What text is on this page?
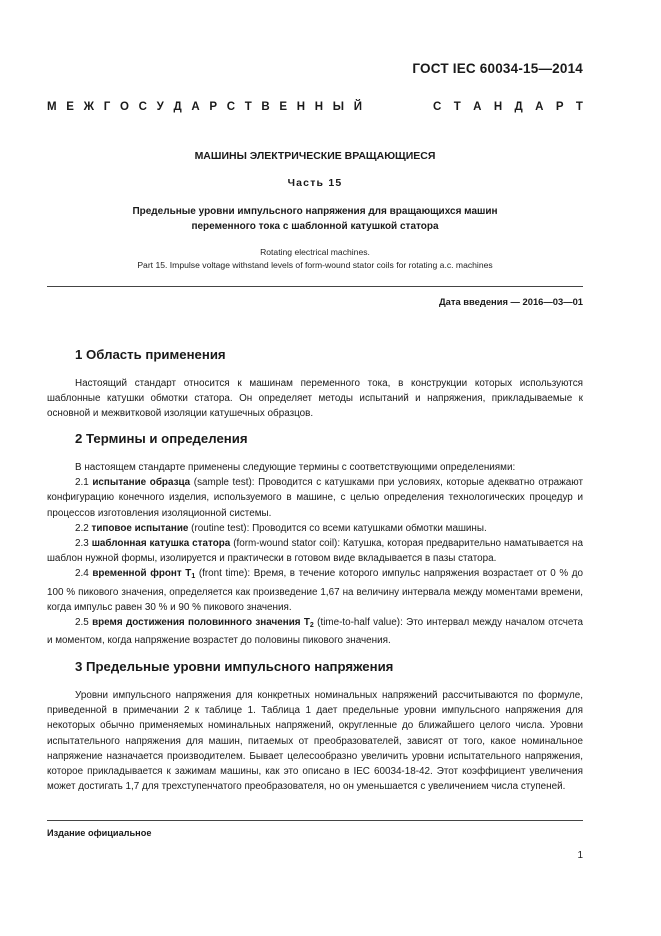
ГОСТ IEC 60034-15—2014
М Е Ж Г О С У Д А Р С Т В Е Н Н Ы Й	С Т А Н Д А Р Т
МАШИНЫ ЭЛЕКТРИЧЕСКИЕ ВРАЩАЮЩИЕСЯ
Часть 15
Предельные уровни импульсного напряжения для вращающихся машин
переменного тока с шаблонной катушкой статора
Rotating electrical machines.
Part 15. Impulse voltage withstand levels of form-wound stator coils for rotating a.c. machines
Дата введения — 2016—03—01
1 Область применения

Настоящий стандарт относится к машинам переменного тока, в конструкции которых используются шаблонные катушки обмотки статора. Он определяет методы испытаний и напряжения, прикладываемые к основной и межвитковой изоляции катушечных образцов.

2 Термины и определения

В настоящем стандарте применены следующие термины с соответствующими определениями:

2.1 испытание образца (sample test): Проводится с катушками при условиях, которые адекватно отражают конфигурацию конечного изделия, используемого в машине, с целью определения технологических процедур и процессов изготовления изоляционной системы.

2.2 типовое испытание (routine test): Проводится со всеми катушками обмотки машины.

2.3 шаблонная катушка статора (form-wound stator coil): Катушка, которая предварительно наматывается на шаблон нужной формы, изолируется и практически в готовом виде вкладывается в пазы статора.

2.4 временной фронт $T_1$ (front time): Время, в течение которого импульс напряжения возрастает от 0 % до 100 % пикового значения, определяется как произведение 1,67 на величину интервала между моментами времени, когда импульс равен 30 % и 90 % пикового значения.

2.5 время достижения половинного значения $T_2$ (time-to-half value): Это интервал между началом отсчета и моментом, когда напряжение возрастет до половины пикового значения.

3 Предельные уровни импульсного напряжения

Уровни импульсного напряжения для конкретных номинальных напряжений рассчитываются по формуле, приведенной в примечании 2 к таблице 1. Таблица 1 дает предельные уровни импульсного напряжения для некоторых обычно применяемых номинальных напряжений, округленные до ближайшего целого числа. Уровни испытательного напряжения для машин, питаемых от преобразователей, зависят от того, какое номинальное напряжение назначается производителем. Бывает целесообразно увеличить уровни испытательного напряжения, которое прикладывается к зажимам машины, как это описано в IEC 60034-18-42. Этот коэффициент увеличения может достигать 1,7 для трехступенчатого преобразователя, но он уменьшается с увеличением числа ступеней.

Издание официальное
1
